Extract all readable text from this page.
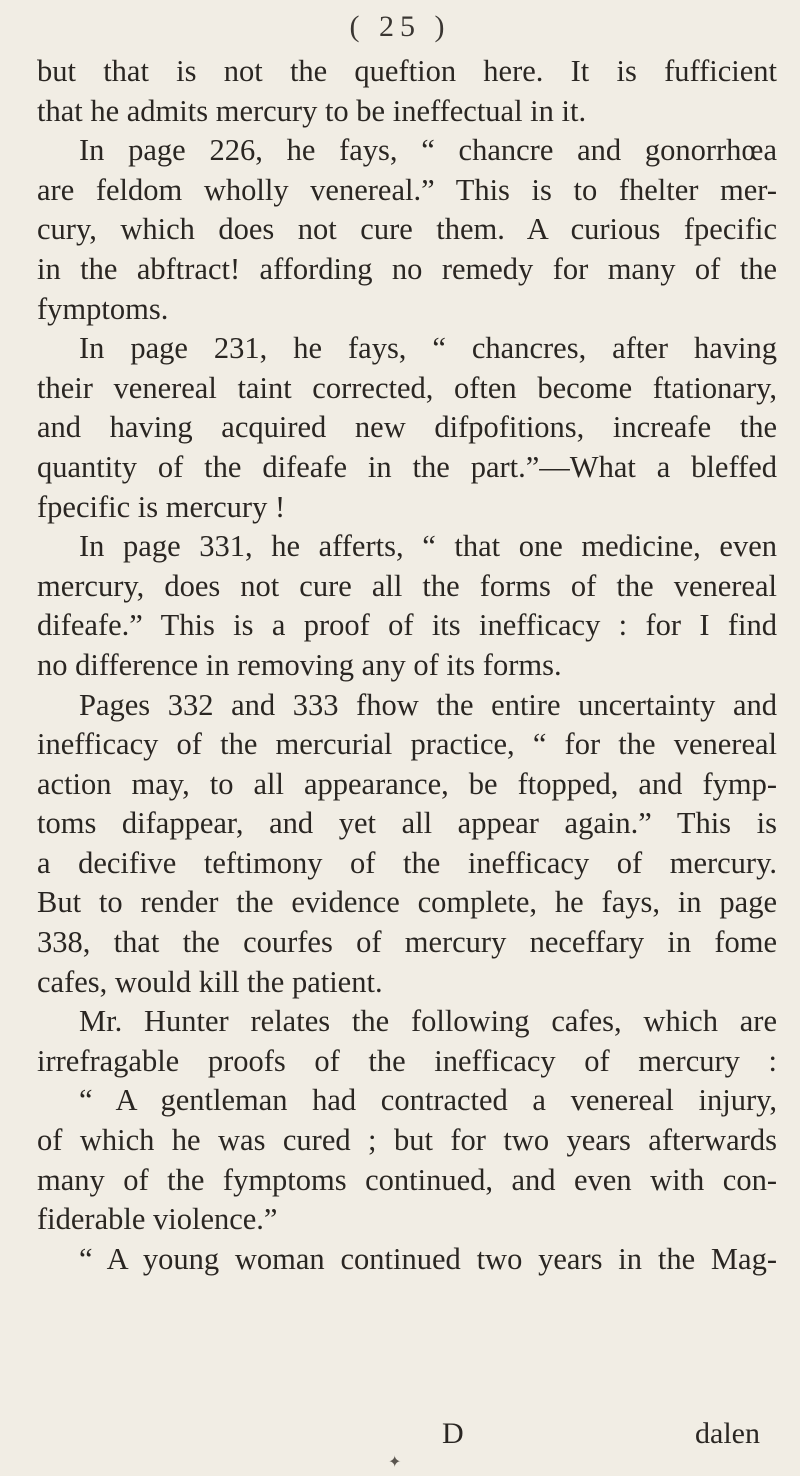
( 25 )
but that is not the queftion here. It is fufficient
that he admits mercury to be ineffectual in it.
In page 226, he fays, “ chancre and gonorrhœa
are feldom wholly venereal.” This is to fhelter mer-
cury, which does not cure them. A curious fpecific
in the abftract! affording no remedy for many of the
fymptoms.
In page 231, he fays, “ chancres, after having
their venereal taint corrected, often become ftationary,
and having acquired new difpofitions, increafe the
quantity of the difeafe in the part.”—What a bleffed
fpecific is mercury !
In page 331, he afferts, “ that one medicine, even
mercury, does not cure all the forms of the venereal
difeafe.” This is a proof of its inefficacy : for I find
no difference in removing any of its forms.
Pages 332 and 333 fhow the entire uncertainty and
inefficacy of the mercurial practice, “ for the venereal
action may, to all appearance, be ftopped, and fymp-
toms difappear, and yet all appear again.” This is
a decifive teftimony of the inefficacy of mercury.
But to render the evidence complete, he fays, in page
338, that the courfes of mercury neceffary in fome
cafes, would kill the patient.
Mr. Hunter relates the following cafes, which are
irrefragable proofs of the inefficacy of mercury :
“ A gentleman had contracted a venereal injury,
of which he was cured ; but for two years afterwards
many of the fymptoms continued, and even with con-
fiderable violence.”
“ A young woman continued two years in the Mag-
D	dalen
✦
